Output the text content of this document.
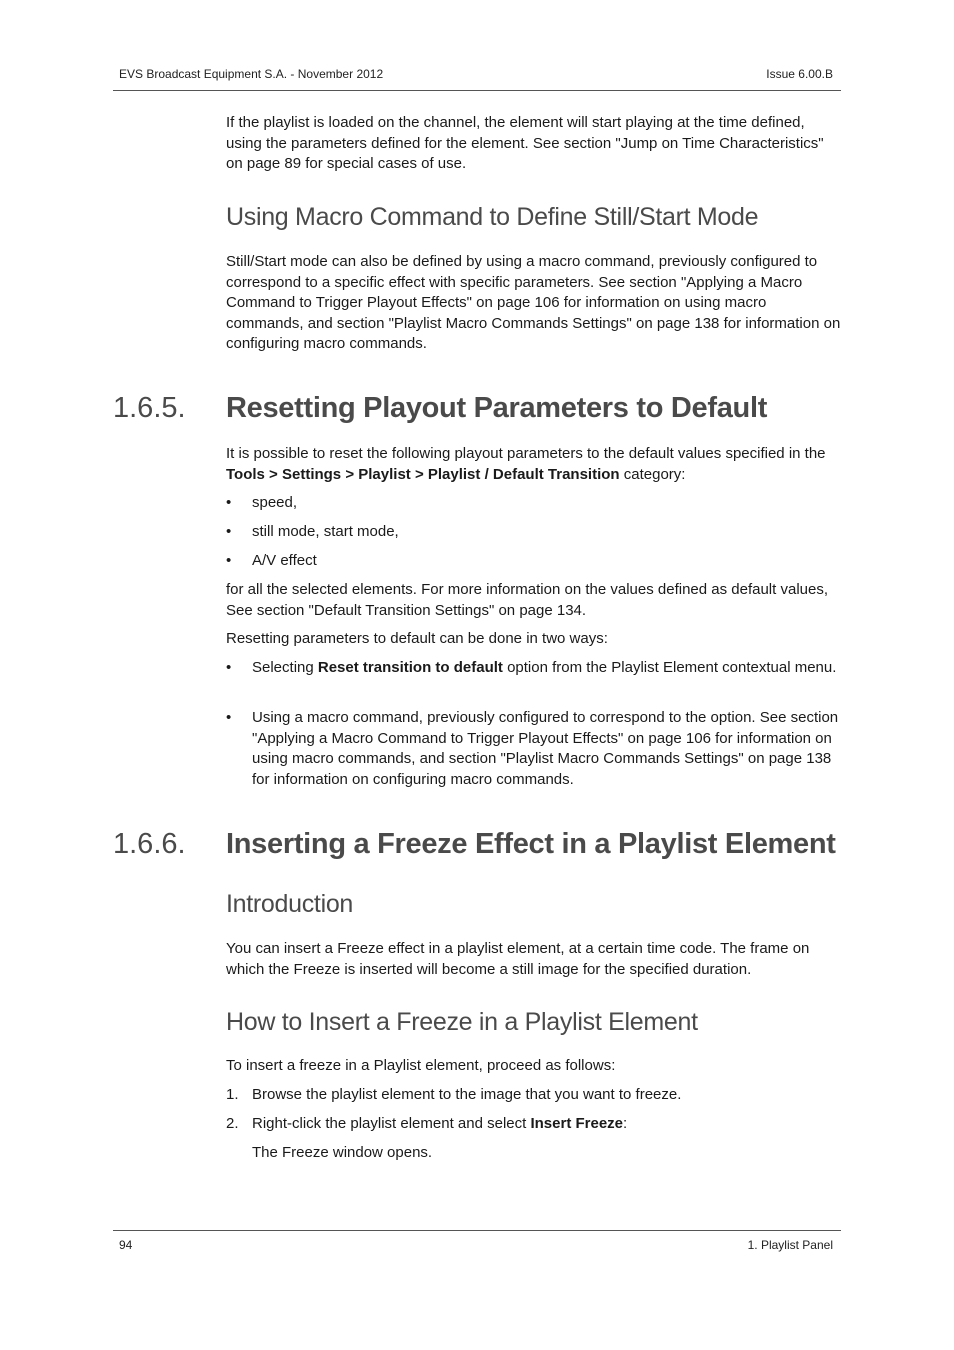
EVS Broadcast Equipment S.A. - November 2012	Issue 6.00.B

If the playlist is loaded on the channel, the element will start playing at the time defined, using the parameters defined for the element. See section "Jump on Time Characteristics" on page 89 for special cases of use.

Using Macro Command to Define Still/Start Mode

Still/Start mode can also be defined by using a macro command, previously configured to correspond to a specific effect with specific parameters. See section "Applying a Macro Command to Trigger Playout Effects" on page 106 for information on using macro commands, and section "Playlist Macro Commands Settings" on page 138 for information on configuring macro commands.

1.6.5. Resetting Playout Parameters to Default

It is possible to reset the following playout parameters to the default values specified in the Tools > Settings > Playlist > Playlist / Default Transition category:

• speed,
• still mode, start mode,
• A/V effect

for all the selected elements. For more information on the values defined as default values, See section "Default Transition Settings" on page 134.

Resetting parameters to default can be done in two ways:

• Selecting Reset transition to default option from the Playlist Element contextual menu.
• Using a macro command, previously configured to correspond to the option. See section "Applying a Macro Command to Trigger Playout Effects" on page 106 for information on using macro commands, and section "Playlist Macro Commands Settings" on page 138 for information on configuring macro commands.
1.6.6. Inserting a Freeze Effect in a Playlist Element
Introduction

You can insert a Freeze effect in a playlist element, at a certain time code. The frame on which the Freeze is inserted will become a still image for the specified duration.

How to Insert a Freeze in a Playlist Element

To insert a freeze in a Playlist element, proceed as follows:

1. Browse the playlist element to the image that you want to freeze.
2. Right-click the playlist element and select Insert Freeze:
The Freeze window opens.
94	1. Playlist Panel
